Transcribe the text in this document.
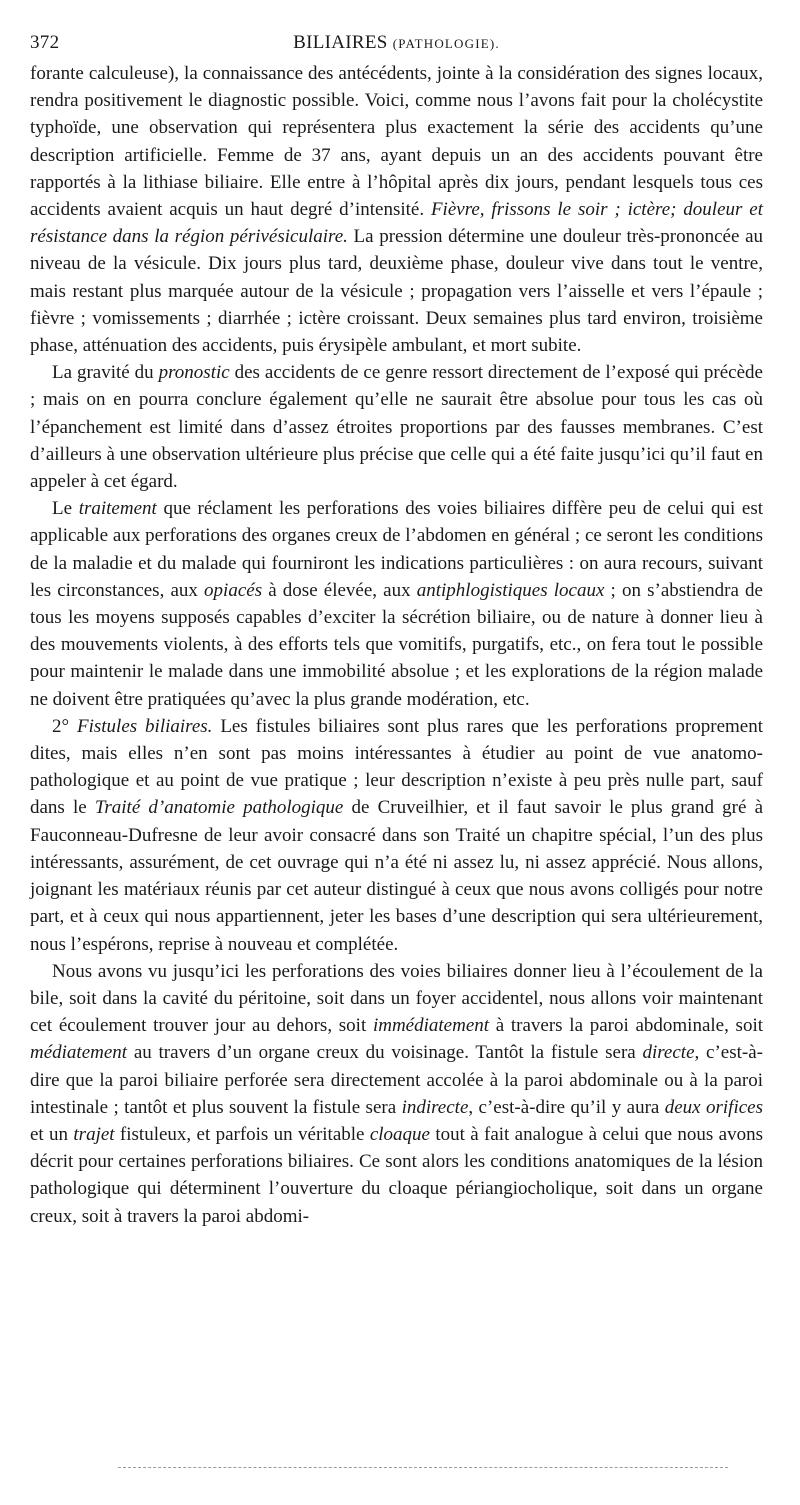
372	BILIAIRES (PATHOLOGIE).

forante calculeuse), la connaissance des antécédents, jointe à la considération des signes locaux, rendra positivement le diagnostic possible. Voici, comme nous l’avons fait pour la cholécystite typhoïde, une observation qui représentera plus exactement la série des accidents qu’une description artificielle. Femme de 37 ans, ayant depuis un an des accidents pouvant être rapportés à la lithiase biliaire. Elle entre à l’hôpital après dix jours, pendant lesquels tous ces accidents avaient acquis un haut degré d’intensité. Fièvre, frissons le soir ; ictère; douleur et résistance dans la région périvésiculaire. La pression détermine une douleur très-prononcée au niveau de la vésicule. Dix jours plus tard, deuxième phase, douleur vive dans tout le ventre, mais restant plus marquée autour de la vésicule ; propagation vers l’aisselle et vers l’épaule ; fièvre ; vomissements ; diarrhée ; ictère croissant. Deux semaines plus tard environ, troisième phase, atténuation des accidents, puis érysipèle ambulant, et mort subite.

La gravité du pronostic des accidents de ce genre ressort directement de l’exposé qui précède ; mais on en pourra conclure également qu’elle ne saurait être absolue pour tous les cas où l’épanchement est limité dans d’assez étroites proportions par des fausses membranes. C’est d’ailleurs à une observation ultérieure plus précise que celle qui a été faite jusqu’ici qu’il faut en appeler à cet égard.

Le traitement que réclament les perforations des voies biliaires diffère peu de celui qui est applicable aux perforations des organes creux de l’abdomen en général ; ce seront les conditions de la maladie et du malade qui fourniront les indications particulières : on aura recours, suivant les circonstances, aux opiacés à dose élevée, aux antiphlogistiques locaux ; on s’abstiendra de tous les moyens supposés capables d’exciter la sécrétion biliaire, ou de nature à donner lieu à des mouvements violents, à des efforts tels que vomitifs, purgatifs, etc., on fera tout le possible pour maintenir le malade dans une immobilité absolue ; et les explorations de la région malade ne doivent être pratiquées qu’avec la plus grande modération, etc.

2° Fistules biliaires. Les fistules biliaires sont plus rares que les perforations proprement dites, mais elles n’en sont pas moins intéressantes à étudier au point de vue anatomo-pathologique et au point de vue pratique ; leur description n’existe à peu près nulle part, sauf dans le Traité d’anatomie pathologique de Cruveilhier, et il faut savoir le plus grand gré à Fauconneau-Dufresne de leur avoir consacré dans son Traité un chapitre spécial, l’un des plus intéressants, assurément, de cet ouvrage qui n’a été ni assez lu, ni assez apprécié. Nous allons, joignant les matériaux réunis par cet auteur distingué à ceux que nous avons colligés pour notre part, et à ceux qui nous appartiennent, jeter les bases d’une description qui sera ultérieurement, nous l’espérons, reprise à nouveau et complétée.

Nous avons vu jusqu’ici les perforations des voies biliaires donner lieu à l’écoulement de la bile, soit dans la cavité du péritoine, soit dans un foyer accidentel, nous allons voir maintenant cet écoulement trouver jour au dehors, soit immédiatement à travers la paroi abdominale, soit médiatement au travers d’un organe creux du voisinage. Tantôt la fistule sera directe, c’est-à-dire que la paroi biliaire perforée sera directement accolée à la paroi abdominale ou à la paroi intestinale ; tantôt et plus souvent la fistule sera indirecte, c’est-à-dire qu’il y aura deux orifices et un trajet fistuleux, et parfois un véritable cloaque tout à fait analogue à celui que nous avons décrit pour certaines perforations biliaires. Ce sont alors les conditions anatomiques de la lésion pathologique qui déterminent l’ouverture du cloaque périangiocholique, soit dans un organe creux, soit à travers la paroi abdomi-
